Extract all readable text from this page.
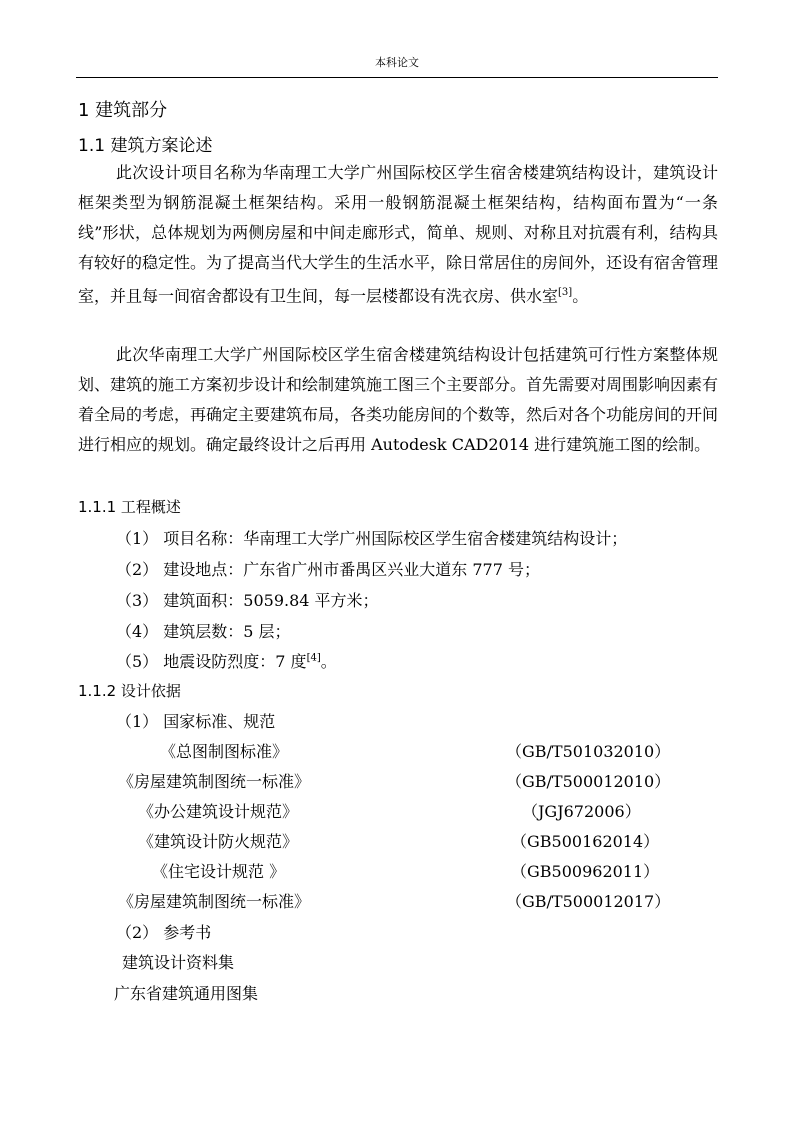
本科论文
1 建筑部分
1.1 建筑方案论述
此次设计项目名称为华南理工大学广州国际校区学生宿舍楼建筑结构设计，建筑设计框架类型为钢筋混凝土框架结构。采用一般钢筋混凝土框架结构，结构面布置为“一条线”形状，总体规划为两侧房屋和中间走廊形式，简单、规则、对称且对抗震有利，结构具有较好的稳定性。为了提高当代大学生的生活水平，除日常居住的房间外，还设有宿舍管理室，并且每一间宿舍都设有卫生间，每一层楼都设有洗衣房、供水室[3]。
此次华南理工大学广州国际校区学生宿舍楼建筑结构设计包括建筑可行性方案整体规划、建筑的施工方案初步设计和绘制建筑施工图三个主要部分。首先需要对周围影响因素有着全局的考虑，再确定主要建筑布局，各类功能房间的个数等，然后对各个功能房间的开间进行相应的规划。确定最终设计之后再用 Autodesk CAD2014 进行建筑施工图的绘制。
1.1.1 工程概述
（1） 项目名称：华南理工大学广州国际校区学生宿舍楼建筑结构设计；
（2） 建设地点：广东省广州市番禺区兴业大道东 777 号；
（3） 建筑面积：5059.84 平方米；
（4） 建筑层数：5 层；
（5） 地震设防烈度：7 度[4]。
1.1.2 设计依据
（1） 国家标准、规范
《总图制图标准》	（GB/T501032010）
《房屋建筑制图统一标准》	（GB/T500012010）
《办公建筑设计规范》	（JGJ672006）
《建筑设计防火规范》	（GB500162014）
《住宅设计规范 》	（GB500962011）
《房屋建筑制图统一标准》	（GB/T500012017）
（2） 参考书
建筑设计资料集
广东省建筑通用图集
